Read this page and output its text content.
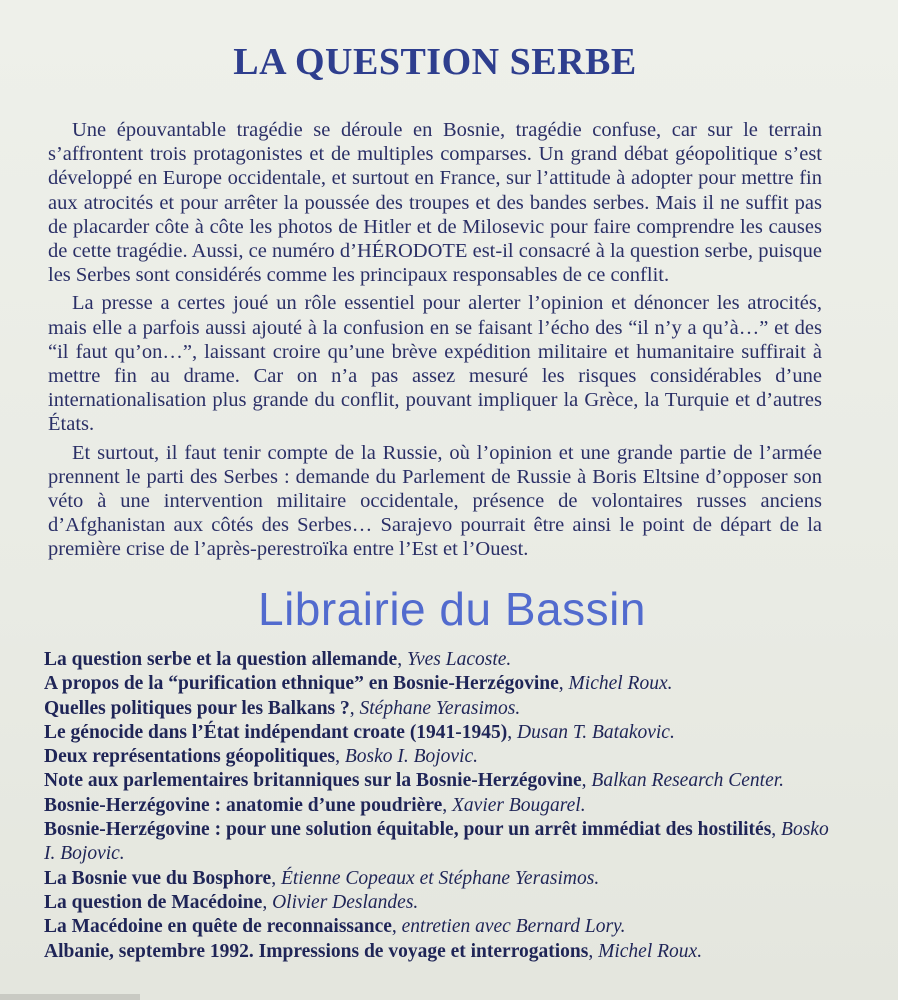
LA QUESTION SERBE

Une épouvantable tragédie se déroule en Bosnie, tragédie confuse, car sur le terrain s’affrontent trois protagonistes et de multiples comparses. Un grand débat géopolitique s’est développé en Europe occidentale, et surtout en France, sur l’attitude à adopter pour mettre fin aux atrocités et pour arrêter la poussée des troupes et des bandes serbes. Mais il ne suffit pas de placarder côte à côte les photos de Hitler et de Milosevic pour faire comprendre les causes de cette tragédie. Aussi, ce numéro d’HÉRODOTE est-il consacré à la question serbe, puisque les Serbes sont considérés comme les principaux responsables de ce conflit.

La presse a certes joué un rôle essentiel pour alerter l’opinion et dénoncer les atrocités, mais elle a parfois aussi ajouté à la confusion en se faisant l’écho des “il n’y a qu’à…” et des “il faut qu’on…”, laissant croire qu’une brève expédition militaire et humanitaire suffirait à mettre fin au drame. Car on n’a pas assez mesuré les risques considérables d’une internationalisation plus grande du conflit, pouvant impliquer la Grèce, la Turquie et d’autres États.

Et surtout, il faut tenir compte de la Russie, où l’opinion et une grande partie de l’armée prennent le parti des Serbes : demande du Parlement de Russie à Boris Eltsine d’opposer son véto à une intervention militaire occidentale, présence de volontaires russes anciens d’Afghanistan aux côtés des Serbes… Sarajevo pourrait être ainsi le point de départ de la première crise de l’après-perestroïka entre l’Est et l’Ouest.

Librairie du Bassin
La question serbe et la question allemande, Yves Lacoste.
A propos de la “purification ethnique” en Bosnie-Herzégovine, Michel Roux.
Quelles politiques pour les Balkans ?, Stéphane Yerasimos.
Le génocide dans l’État indépendant croate (1941-1945), Dusan T. Batakovic.
Deux représentations géopolitiques, Bosko I. Bojovic.
Note aux parlementaires britanniques sur la Bosnie-Herzégovine, Balkan Research Center.
Bosnie-Herzégovine : anatomie d’une poudrière, Xavier Bougarel.
Bosnie-Herzégovine : pour une solution équitable, pour un arrêt immédiat des hostilités, Bosko I. Bojovic.
La Bosnie vue du Bosphore, Étienne Copeaux et Stéphane Yerasimos.
La question de Macédoine, Olivier Deslandes.
La Macédoine en quête de reconnaissance, entretien avec Bernard Lory.
Albanie, septembre 1992. Impressions de voyage et interrogations, Michel Roux.
